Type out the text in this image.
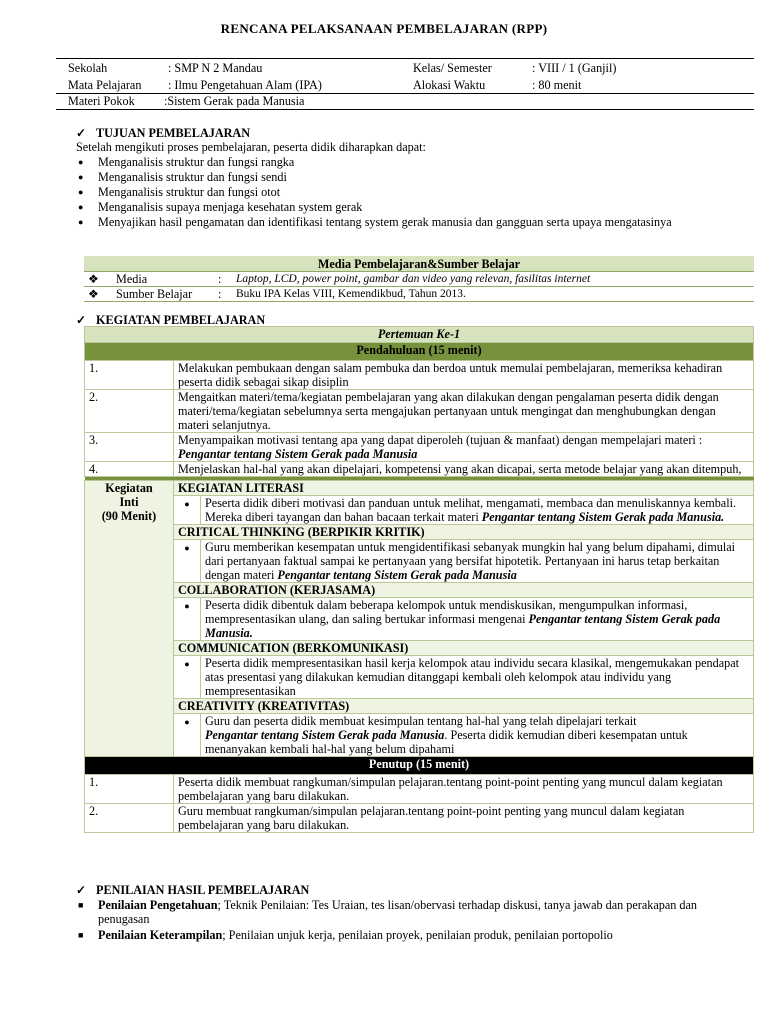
RENCANA PELAKSANAAN PEMBELAJARAN (RPP)
Sekolah	: SMP N 2 Mandau	Kelas/ Semester	: VIII / 1 (Ganjil)
Mata Pelajaran : Ilmu Pengetahuan Alam (IPA)	Alokasi Waktu	: 80 menit
Materi Pokok :Sistem Gerak pada Manusia
✓ TUJUAN PEMBELAJARAN
Setelah mengikuti proses pembelajaran, peserta didik diharapkan dapat:
● Menganalisis struktur dan fungsi rangka
● Menganalisis struktur dan fungsi sendi
● Menganalisis struktur dan fungsi otot
● Menganalisis supaya menjaga kesehatan system gerak
● Menyajikan hasil pengamatan dan identifikasi tentang system gerak manusia dan gangguan serta upaya mengatasinya
Media Pembelajaran&Sumber Belajar			
❖	Media	:	Laptop, LCD, power point, gambar dan video yang relevan, fasilitas internet
❖	Sumber Belajar	:	Buku IPA Kelas VIII, Kemendikbud, Tahun 2013.
✓ KEGIATAN PEMBELAJARAN
Pertemuan Ke-1		
Pendahuluan (15 menit)		
1.	Melakukan pembukaan dengan salam pembuka dan berdoa untuk memulai pembelajaran, memeriksa kehadiran peserta didik sebagai sikap disiplin	
2.	Mengaitkan materi/tema/kegiatan pembelajaran yang akan dilakukan dengan pengalaman peserta didik dengan materi/tema/kegiatan sebelumnya serta mengajukan pertanyaan untuk mengingat dan menghubungkan dengan materi selanjutnya.	
3.	Menyampaikan motivasi tentang apa yang dapat diperoleh (tujuan & manfaat) dengan mempelajari materi :
Pengantar tentang Sistem Gerak pada Manusia	
4.	Menjelaskan hal-hal yang akan dipelajari, kompetensi yang akan dicapai, serta metode belajar yang akan ditempuh,	

Kegiatan
Inti
(90 Menit)	KEGIATAN LITERASI	
	●	Peserta didik diberi motivasi dan panduan untuk melihat, mengamati, membaca dan menuliskannya kembali. Mereka diberi tayangan dan bahan bacaan terkait materi Pengantar tentang Sistem Gerak pada Manusia.
	CRITICAL THINKING (BERPIKIR KRITIK)	
	●	Guru memberikan kesempatan untuk mengidentifikasi sebanyak mungkin hal yang belum dipahami, dimulai dari pertanyaan faktual sampai ke pertanyaan yang bersifat hipotetik. Pertanyaan ini harus tetap berkaitan dengan materi Pengantar tentang Sistem Gerak pada Manusia
	COLLABORATION (KERJASAMA)	
	●	Peserta didik dibentuk dalam beberapa kelompok untuk mendiskusikan, mengumpulkan informasi, mempresentasikan ulang, dan saling bertukar informasi mengenai Pengantar tentang Sistem Gerak pada Manusia.
	COMMUNICATION (BERKOMUNIKASI)	
	●	Peserta didik mempresentasikan hasil kerja kelompok atau individu secara klasikal, mengemukakan pendapat atas presentasi yang dilakukan kemudian ditanggapi kembali oleh kelompok atau individu yang mempresentasikan
	CREATIVITY (KREATIVITAS)	
	●	Guru dan peserta didik membuat kesimpulan tentang hal-hal yang telah dipelajari terkait
Pengantar tentang Sistem Gerak pada Manusia. Peserta didik kemudian diberi kesempatan untuk menanyakan kembali hal-hal yang belum dipahami
Penutup (15 menit)		
1.	Peserta didik membuat rangkuman/simpulan pelajaran.tentang point-point penting yang muncul dalam kegiatan pembelajaran yang baru dilakukan.	
2.	Guru membuat rangkuman/simpulan pelajaran.tentang point-point penting yang muncul dalam kegiatan pembelajaran yang baru dilakukan.	
✓ PENILAIAN HASIL PEMBELAJARAN
■ Penilaian Pengetahuan; Teknik Penilaian: Tes Uraian, tes lisan/obervasi terhadap diskusi, tanya jawab dan perakapan dan penugasan
■ Penilaian Keterampilan; Penilaian unjuk kerja, penilaian proyek, penilaian produk, penilaian portopolio
